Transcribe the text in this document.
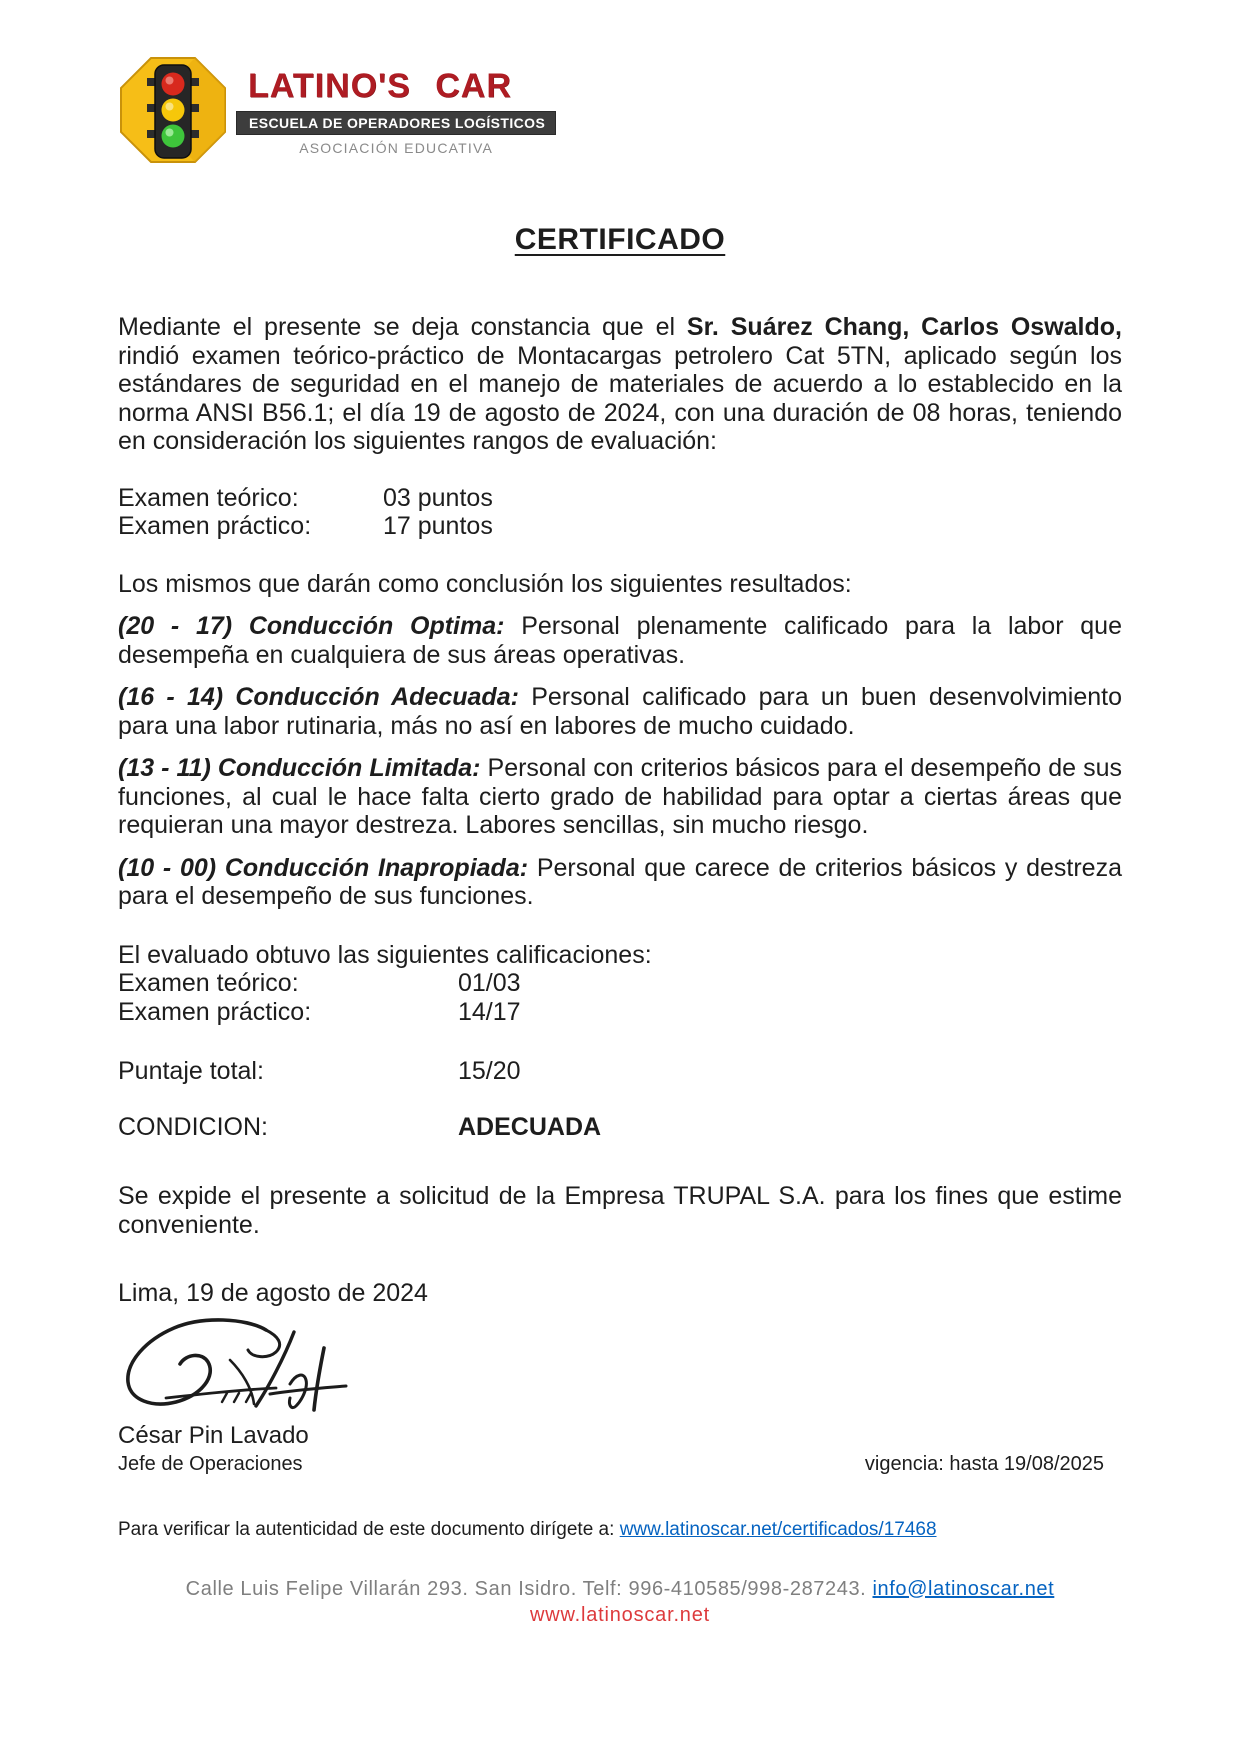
LATINO'S CAR
ESCUELA DE OPERADORES LOGÍSTICOS
ASOCIACIÓN EDUCATIVA
CERTIFICADO

Mediante el presente se deja constancia que el Sr. Suárez Chang, Carlos Oswaldo, rindió examen teórico-práctico de Montacargas petrolero Cat 5TN, aplicado según los estándares de seguridad en el manejo de materiales de acuerdo a lo establecido en la norma ANSI B56.1; el día 19 de agosto de 2024, con una duración de 08 horas, teniendo en consideración los siguientes rangos de evaluación:

Examen teórico:	03 puntos
Examen práctico:	17 puntos

Los mismos que darán como conclusión los siguientes resultados:

(20 - 17) Conducción Optima: Personal plenamente calificado para la labor que desempeña en cualquiera de sus áreas operativas.

(16 - 14) Conducción Adecuada: Personal calificado para un buen desenvolvimiento para una labor rutinaria, más no así en labores de mucho cuidado.

(13 - 11) Conducción Limitada: Personal con criterios básicos para el desempeño de sus funciones, al cual le hace falta cierto grado de habilidad para optar a ciertas áreas que requieran una mayor destreza. Labores sencillas, sin mucho riesgo.

(10 - 00) Conducción Inapropiada: Personal que carece de criterios básicos y destreza para el desempeño de sus funciones.

El evaluado obtuvo las siguientes calificaciones:

Examen teórico:	01/03
Examen práctico:	14/17
Puntaje total:	15/20
CONDICION:	ADECUADA

Se expide el presente a solicitud de la Empresa TRUPAL S.A. para los fines que estime conveniente.

Lima, 19 de agosto de 2024
César Pin Lavado
Jefe de Operaciones	vigencia: hasta 19/08/2025
Para verificar la autenticidad de este documento dirígete a: www.latinoscar.net/certificados/17468
Calle Luis Felipe Villarán 293. San Isidro. Telf: 996-410585/998-287243. info@latinoscar.net
www.latinoscar.net
